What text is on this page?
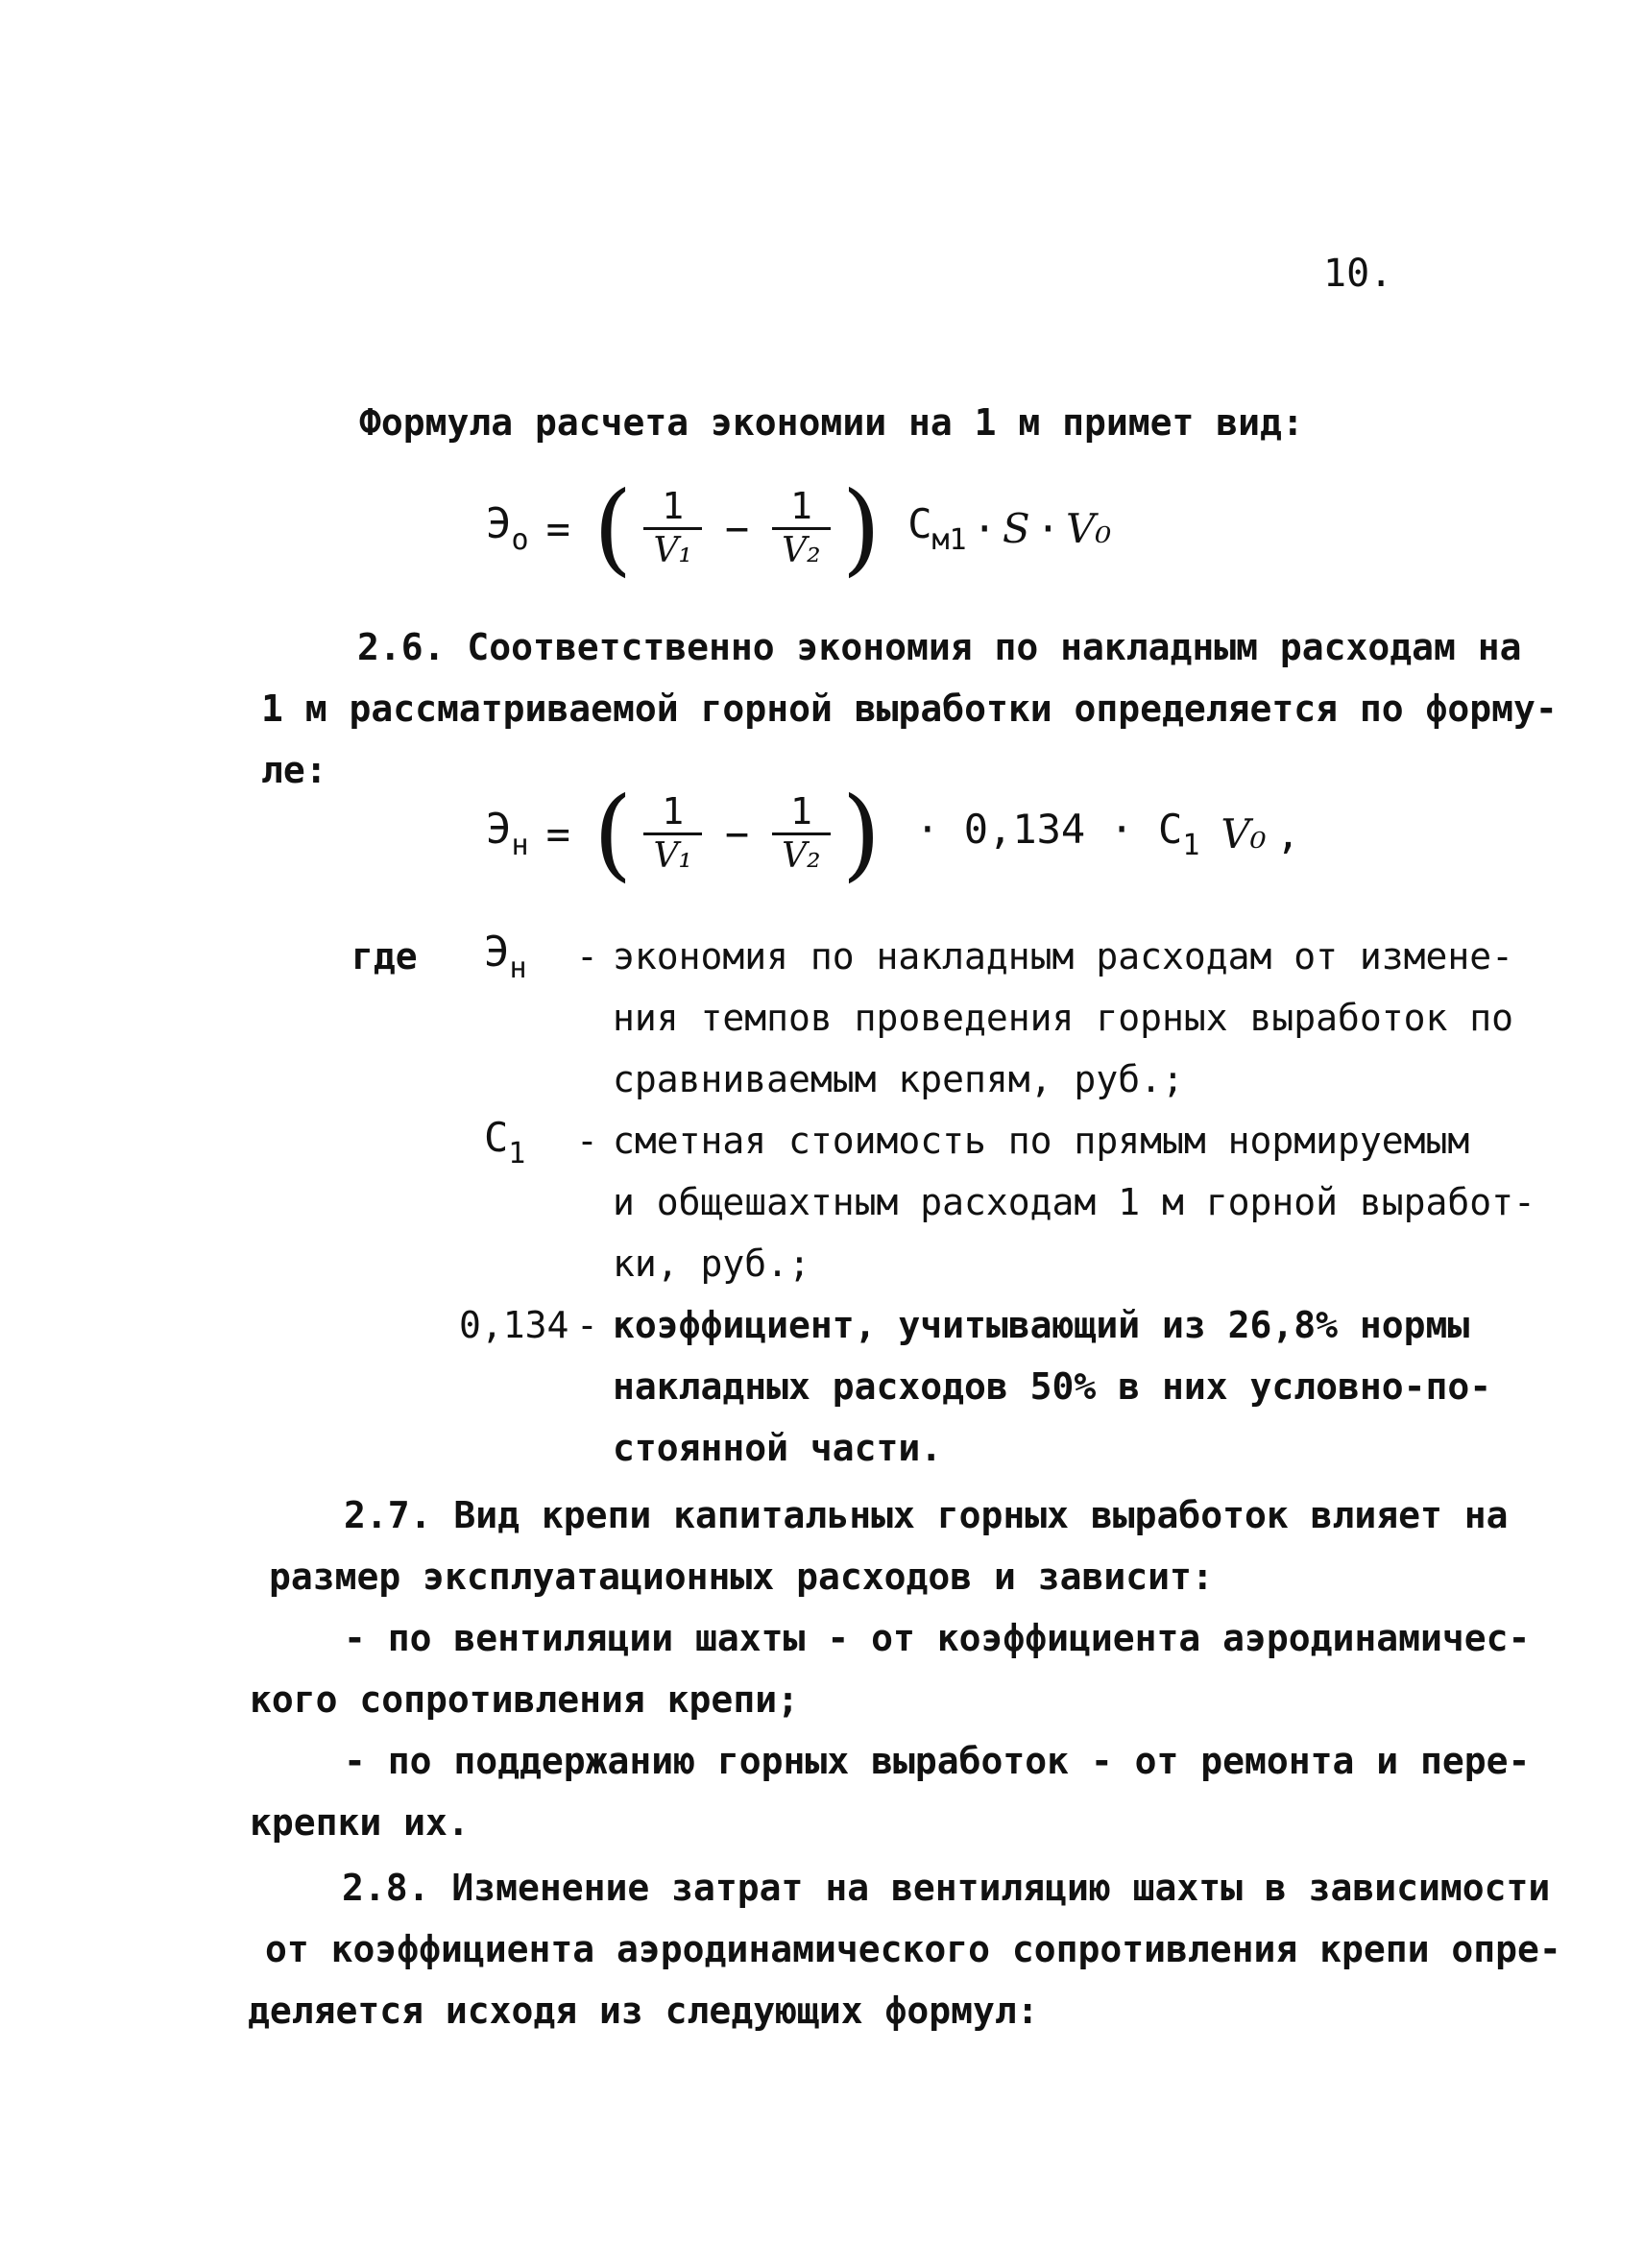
10.
Формула расчета экономии на 1 м примет вид:
$Э_о$ = ( $\frac{1}{\text{V₁}} - \frac{1}{\text{V₂}}$ ) $С_{м1} \cdot S \cdot V_0$
2.6. Соответственно экономия по накладным расходам на
1 м рассматриваемой горной выработки определяется по форму-
ле:
$Э_н$ = ( $\frac{1}{\text{V₁}} - \frac{1}{\text{V₂}}$ ) · $0,134 \cdot С_1$ V₀ ,
где $Э_н$ - экономия по накладным расходам от измене-
ния темпов проведения горных выработок по
сравниваемым крепям, руб.;
$С_1$ - сметная стоимость по прямым нормируемым
и общешахтным расходам 1 м горной выработ-
ки, руб.;
0,134 - коэффициент, учитывающий из 26,8% нормы
накладных расходов 50% в них условно-по-
стоянной части.
2.7. Вид крепи капитальных горных выработок влияет на
размер эксплуатационных расходов и зависит:
- по вентиляции шахты - от коэффициента аэродинамичес-
кого сопротивления крепи;
- по поддержанию горных выработок - от ремонта и пере-
крепки их.
2.8. Изменение затрат на вентиляцию шахты в зависимости
от коэффициента аэродинамического сопротивления крепи опре-
деляется исходя из следующих формул:
